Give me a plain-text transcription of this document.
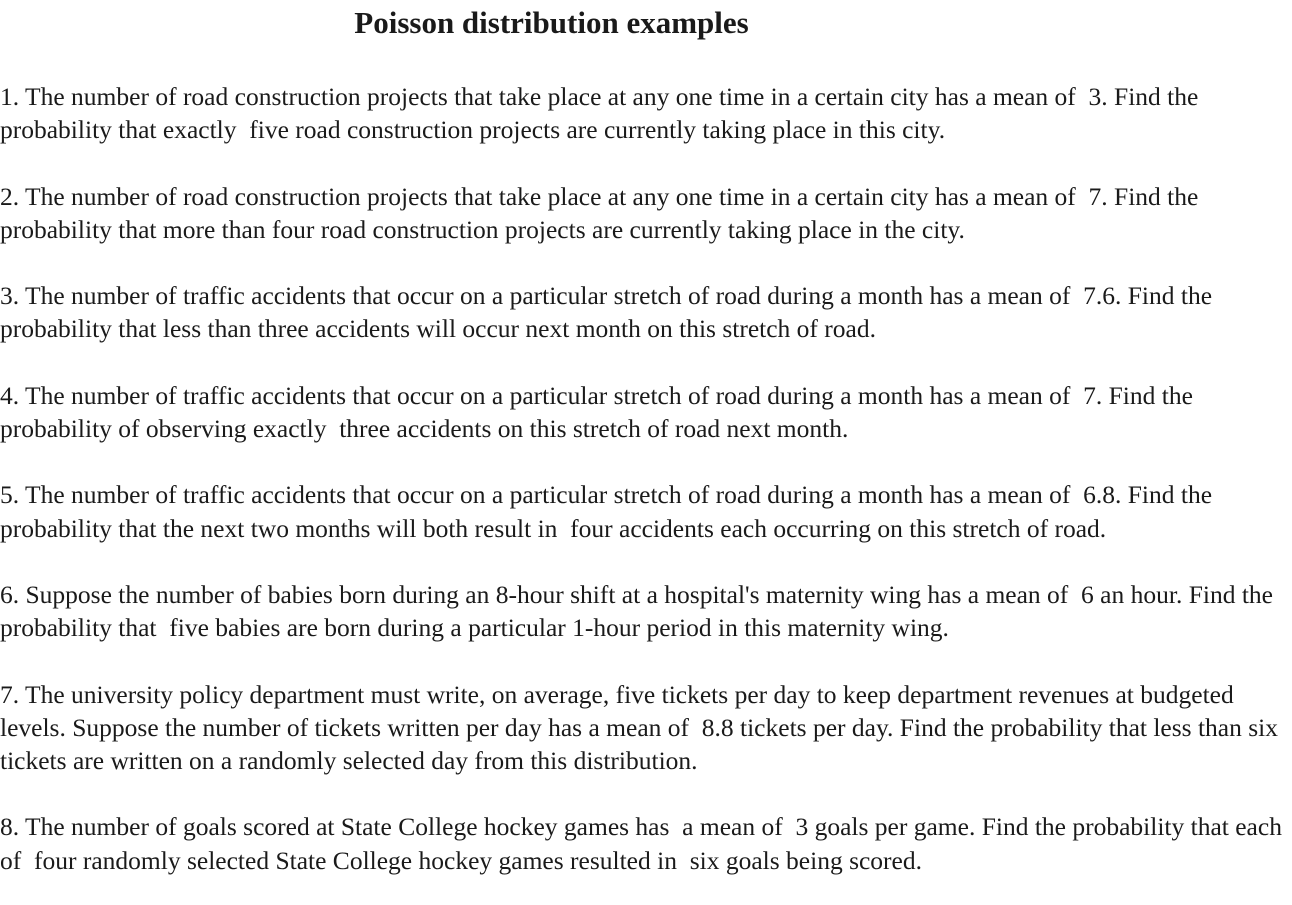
Poisson distribution examples

1. The number of road construction projects that take place at any one time in a certain city has a mean of  3. Find the probability that exactly  five road construction projects are currently taking place in this city.

2. The number of road construction projects that take place at any one time in a certain city has a mean of  7. Find the probability that more than four road construction projects are currently taking place in the city.

3. The number of traffic accidents that occur on a particular stretch of road during a month has a mean of  7.6. Find the probability that less than three accidents will occur next month on this stretch of road.

4. The number of traffic accidents that occur on a particular stretch of road during a month has a mean of  7. Find the probability of observing exactly  three accidents on this stretch of road next month.

5. The number of traffic accidents that occur on a particular stretch of road during a month has a mean of  6.8. Find the probability that the next two months will both result in  four accidents each occurring on this stretch of road.

6. Suppose the number of babies born during an 8-hour shift at a hospital's maternity wing has a mean of  6 an hour. Find the probability that  five babies are born during a particular 1-hour period in this maternity wing.

7. The university policy department must write, on average, five tickets per day to keep department revenues at budgeted levels. Suppose the number of tickets written per day has a mean of  8.8 tickets per day. Find the probability that less than six tickets are written on a randomly selected day from this distribution.

8. The number of goals scored at State College hockey games has  a mean of  3 goals per game. Find the probability that each of  four randomly selected State College hockey games resulted in  six goals being scored.
